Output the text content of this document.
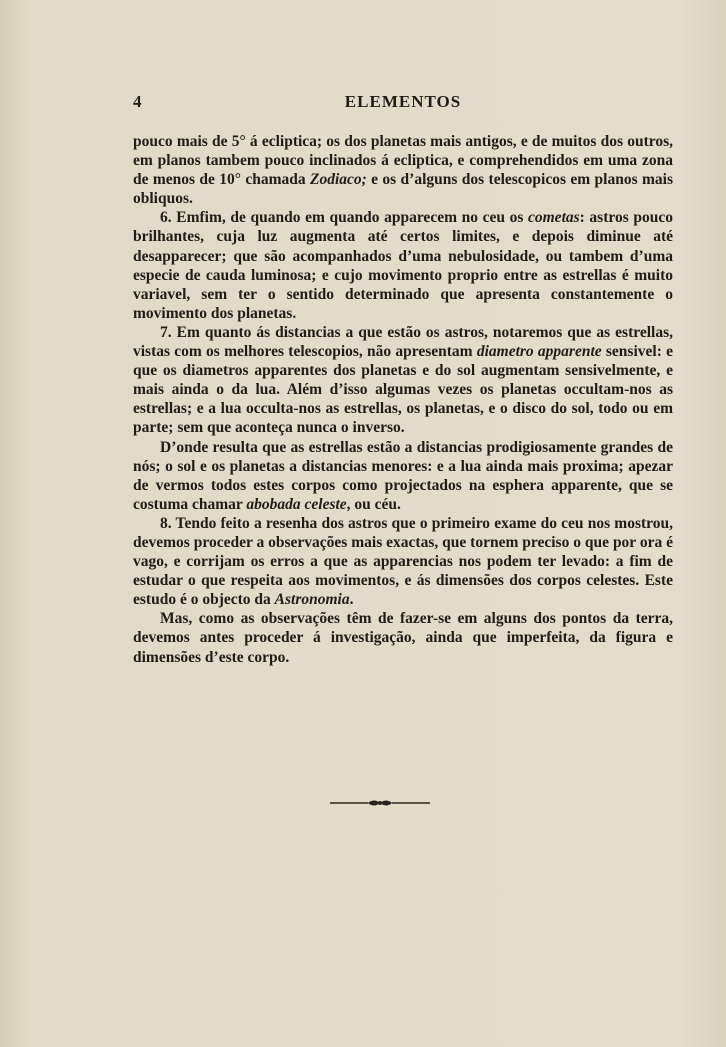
4	ELEMENTOS

pouco mais de 5° á ecliptica; os dos planetas mais antigos, e de muitos dos outros, em planos tambem pouco inclinados á ecliptica, e comprehendidos em uma zona de menos de 10° chamada Zodiaco; e os d’alguns dos telescopicos em planos mais obliquos.

6. Emfim, de quando em quando apparecem no ceu os cometas: astros pouco brilhantes, cuja luz augmenta até certos limites, e depois diminue até desapparecer; que são acompanhados d’uma nebulosidade, ou tambem d’uma especie de cauda luminosa; e cujo movimento proprio entre as estrellas é muito variavel, sem ter o sentido determinado que apresenta constantemente o movimento dos planetas.

7. Em quanto ás distancias a que estão os astros, notaremos que as estrellas, vistas com os melhores telescopios, não apresentam diametro apparente sensivel: e que os diametros apparentes dos planetas e do sol augmentam sensivelmente, e mais ainda o da lua. Além d’isso algumas vezes os planetas occultam-nos as estrellas; e a lua occulta-nos as estrellas, os planetas, e o disco do sol, todo ou em parte; sem que aconteça nunca o inverso.

D’onde resulta que as estrellas estão a distancias prodigiosamente grandes de nós; o sol e os planetas a distancias menores: e a lua ainda mais proxima; apezar de vermos todos estes corpos como projectados na esphera apparente, que se costuma chamar abobada celeste, ou céu.

8. Tendo feito a resenha dos astros que o primeiro exame do ceu nos mostrou, devemos proceder a observações mais exactas, que tornem preciso o que por ora é vago, e corrijam os erros a que as apparencias nos podem ter levado: a fim de estudar o que respeita aos movimentos, e ás dimensões dos corpos celestes. Este estudo é o objecto da Astronomia.

Mas, como as observações têm de fazer-se em alguns dos pontos da terra, devemos antes proceder á investigação, ainda que imperfeita, da figura e dimensões d’este corpo.
